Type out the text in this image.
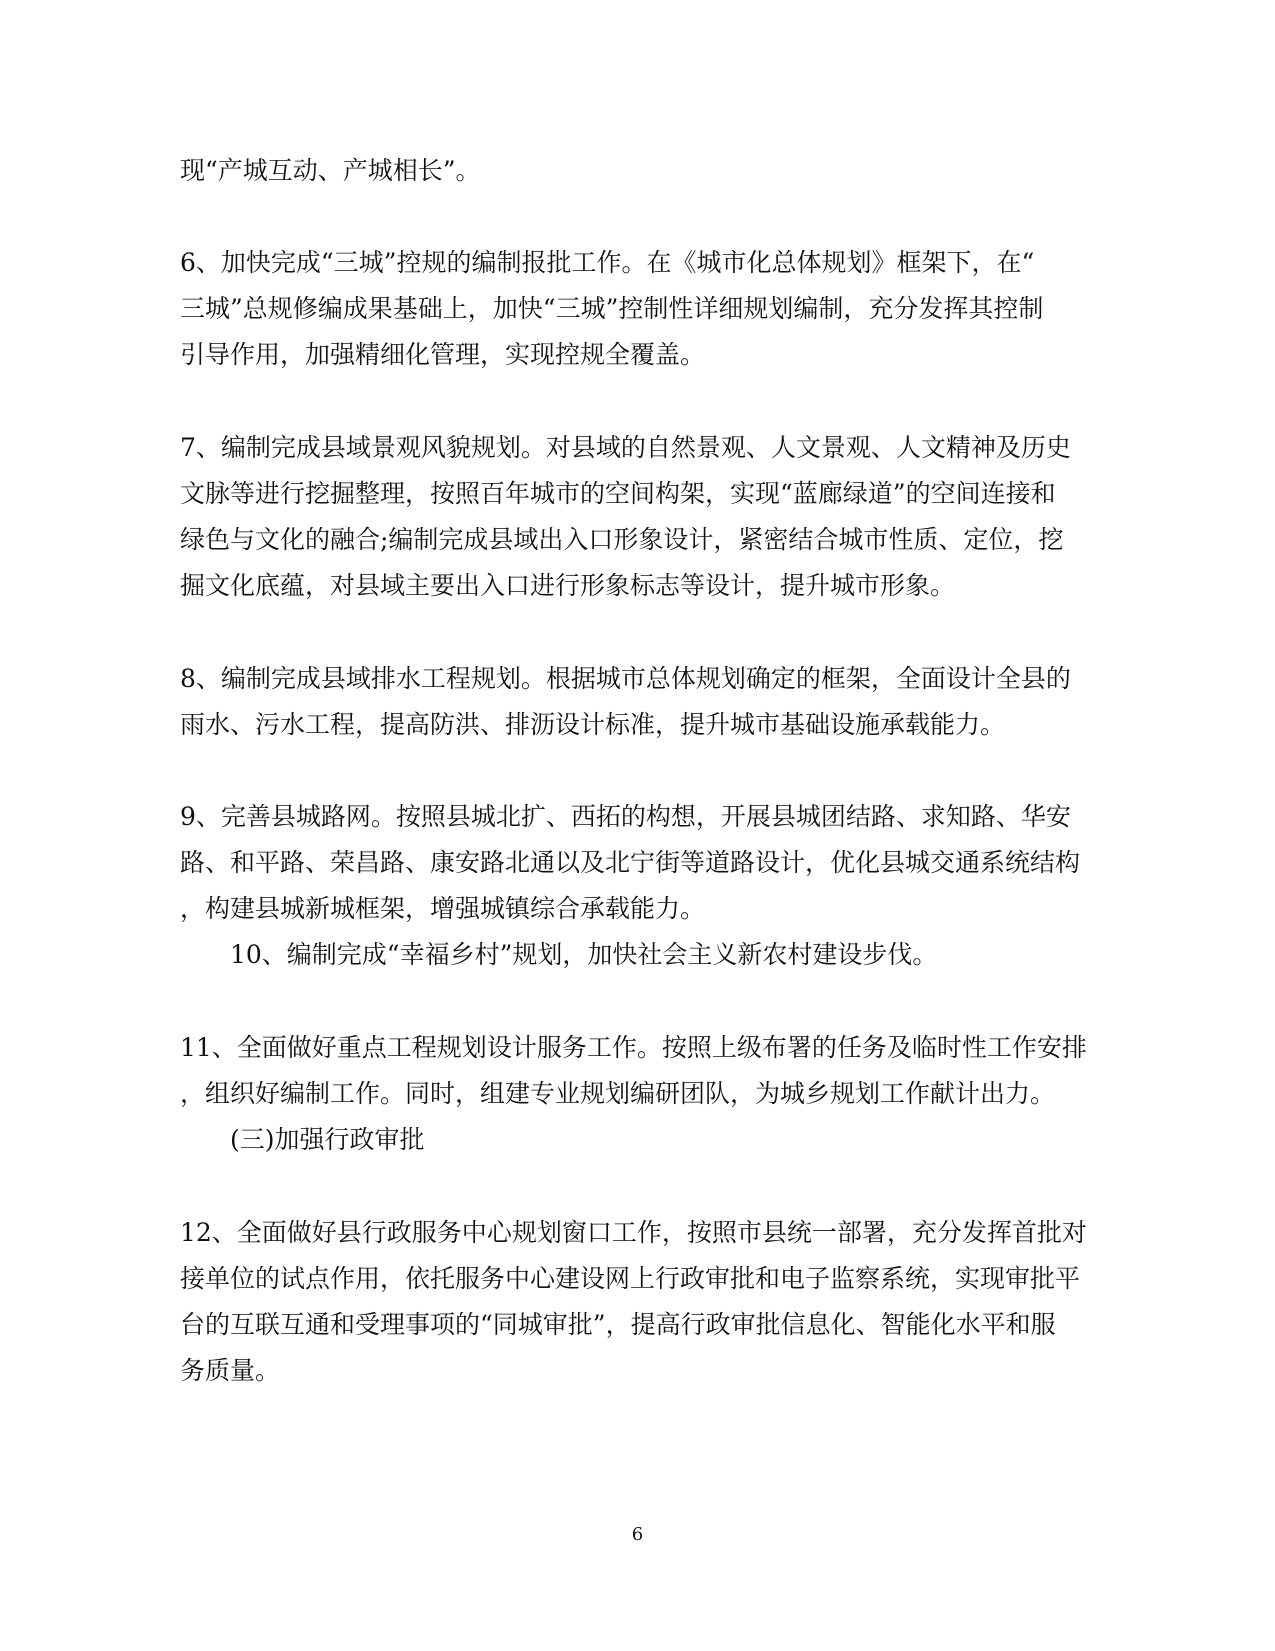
现“产城互动、产城相长”。
6、加快完成“三城”控规的编制报批工作。在《城市化总体规划》框架下，在“
三城”总规修编成果基础上，加快“三城”控制性详细规划编制，充分发挥其控制
引导作用，加强精细化管理，实现控规全覆盖。
7、编制完成县域景观风貌规划。对县域的自然景观、人文景观、人文精神及历史
文脉等进行挖掘整理，按照百年城市的空间构架，实现“蓝廊绿道”的空间连接和
绿色与文化的融合;编制完成县域出入口形象设计，紧密结合城市性质、定位，挖
掘文化底蕴，对县域主要出入口进行形象标志等设计，提升城市形象。
8、编制完成县域排水工程规划。根据城市总体规划确定的框架，全面设计全县的
雨水、污水工程，提高防洪、排沥设计标准，提升城市基础设施承载能力。
9、完善县城路网。按照县城北扩、西拓的构想，开展县城团结路、求知路、华安
路、和平路、荣昌路、康安路北通以及北宁街等道路设计，优化县城交通系统结构
，构建县城新城框架，增强城镇综合承载能力。
10、编制完成“幸福乡村”规划，加快社会主义新农村建设步伐。
11、全面做好重点工程规划设计服务工作。按照上级布署的任务及临时性工作安排
，组织好编制工作。同时，组建专业规划编研团队，为城乡规划工作献计出力。
(三)加强行政审批
12、全面做好县行政服务中心规划窗口工作，按照市县统一部署，充分发挥首批对
接单位的试点作用，依托服务中心建设网上行政审批和电子监察系统，实现审批平
台的互联互通和受理事项的“同城审批”，提高行政审批信息化、智能化水平和服
务质量。
6
